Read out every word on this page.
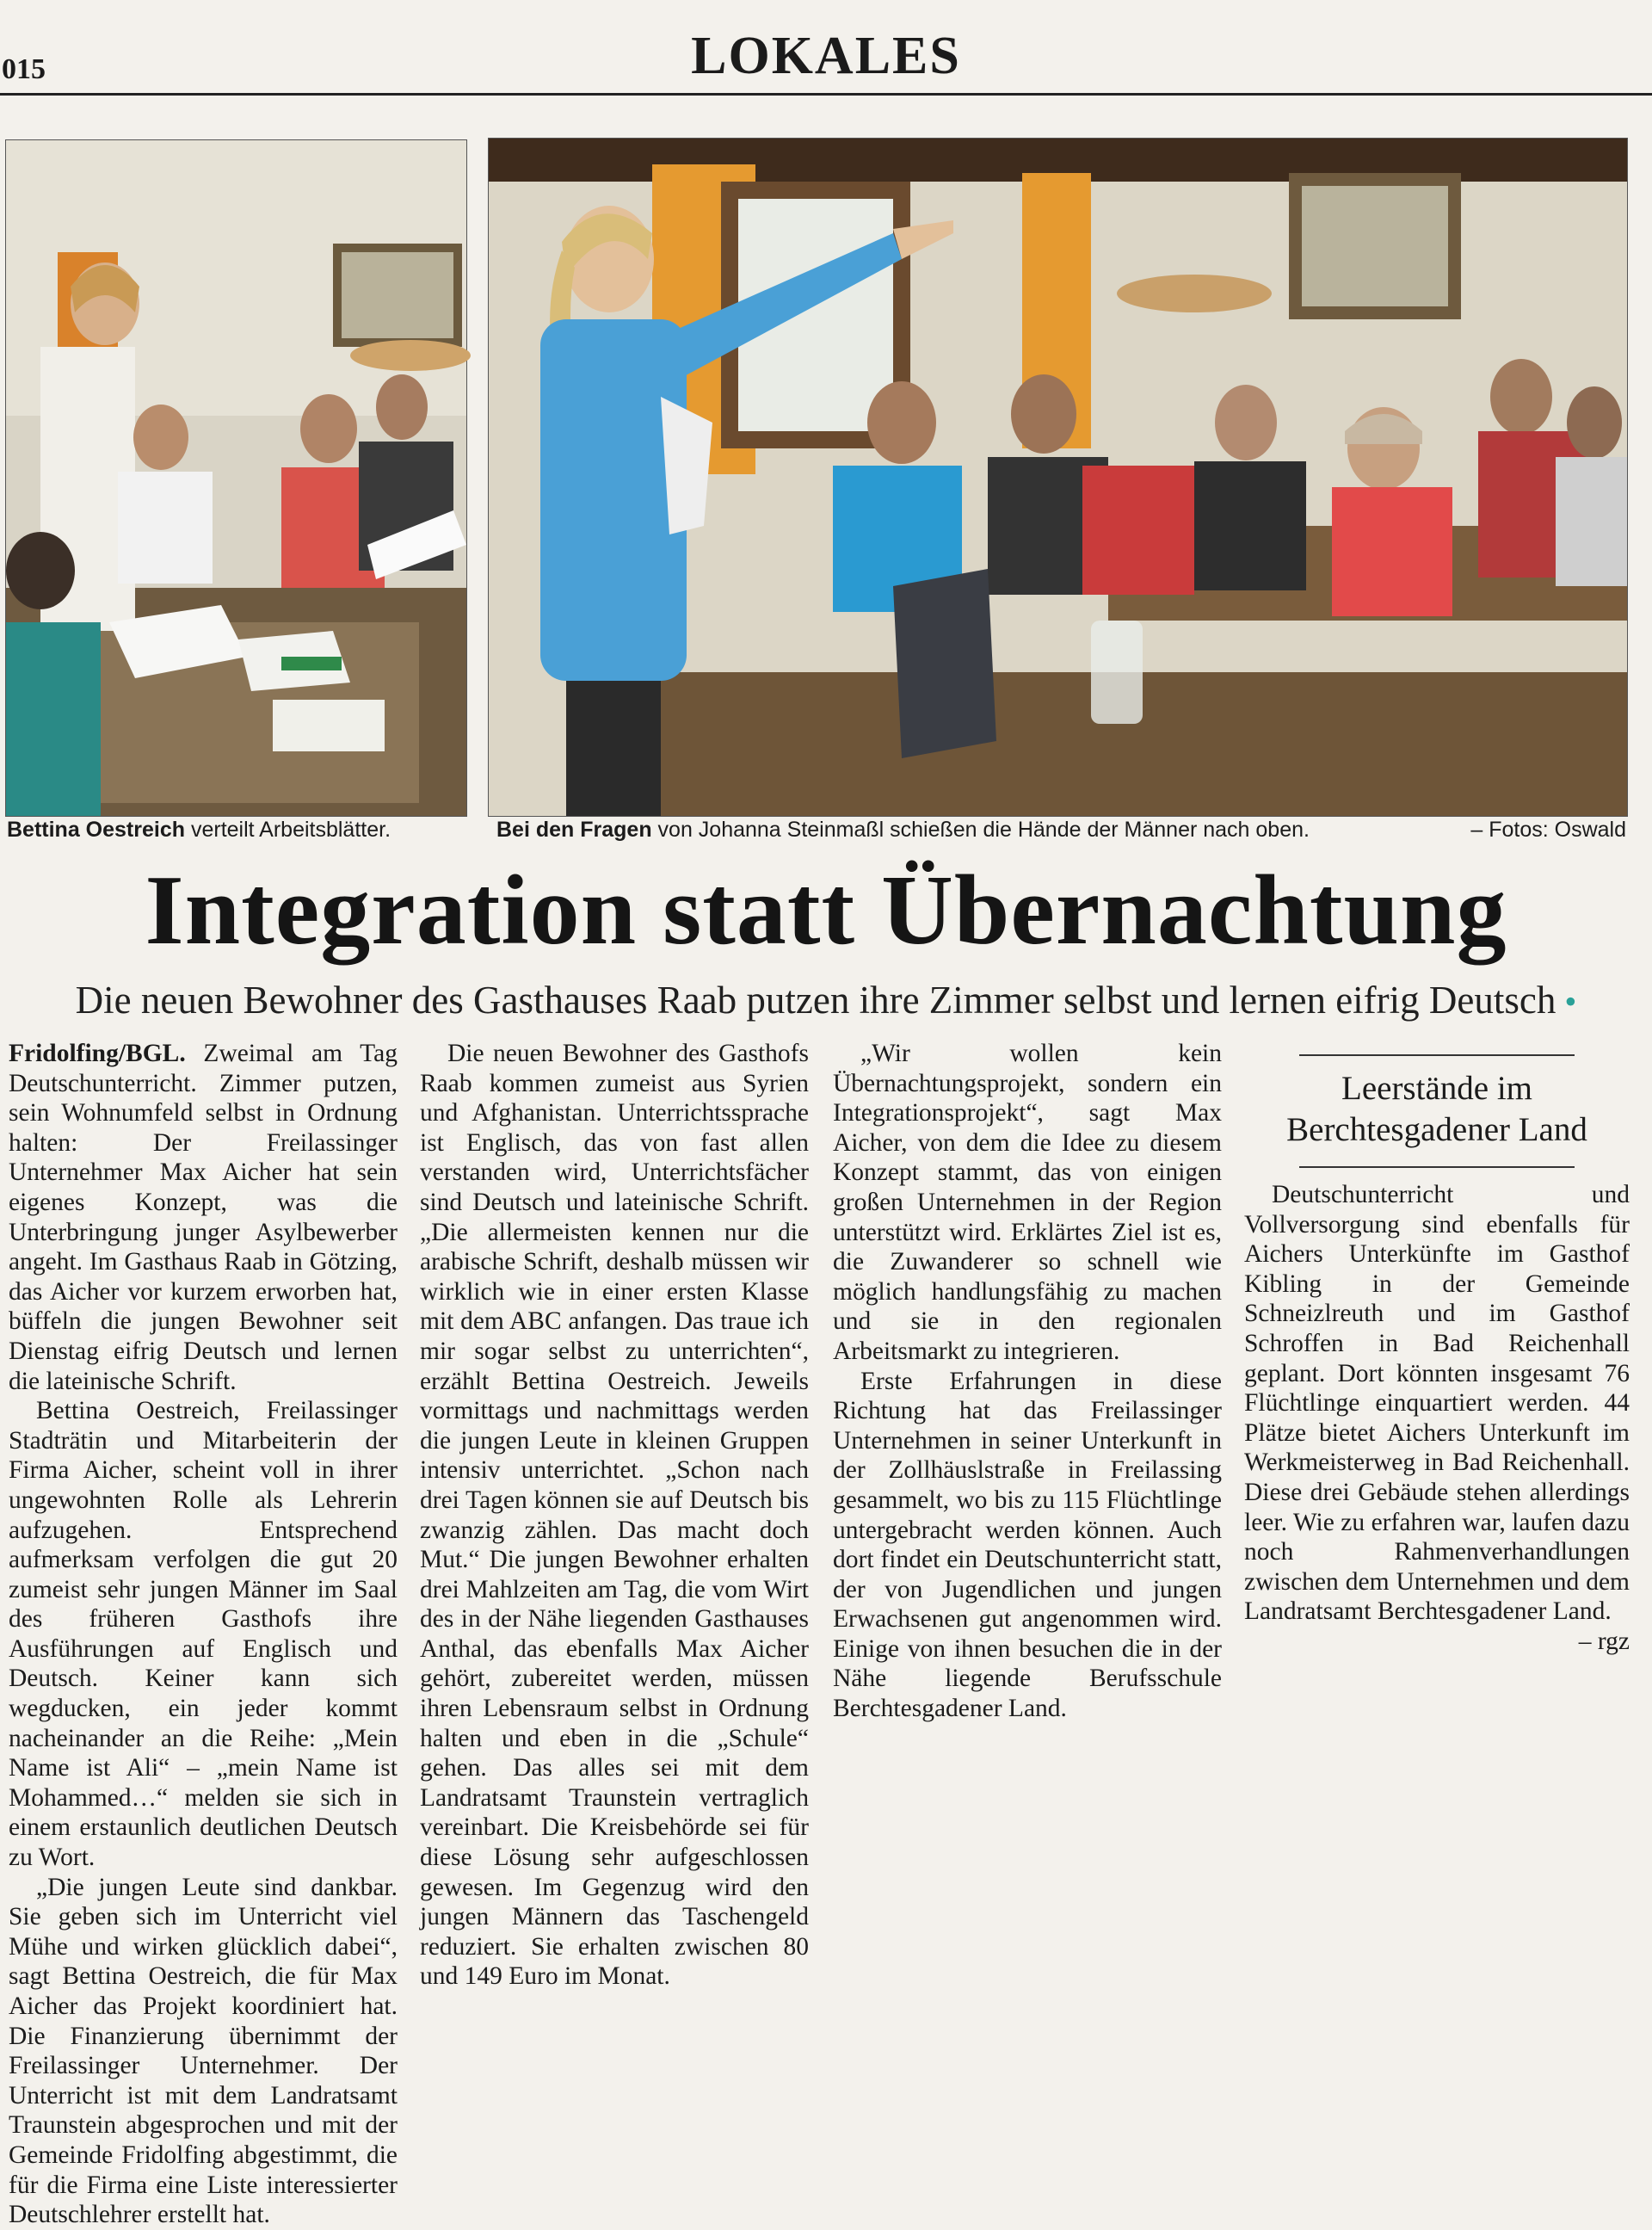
015	LOKALES
Bettina Oestreich verteilt Arbeitsblätter.	Bei den Fragen von Johanna Steinmaßl schießen die Hände der Männer nach oben.	– Fotos: Oswald
Integration statt Übernachtung
Die neuen Bewohner des Gasthauses Raab putzen ihre Zimmer selbst und lernen eifrig Deutsch •

Fridolfing/BGL. Zweimal am Tag Deutschunterricht. Zimmer putzen, sein Wohnumfeld selbst in Ordnung halten: Der Freilassinger Unternehmer Max Aicher hat sein eigenes Konzept, was die Unterbringung junger Asylbewerber angeht. Im Gasthaus Raab in Götzing, das Aicher vor kurzem erworben hat, büffeln die jungen Bewohner seit Dienstag eifrig Deutsch und lernen die lateinische Schrift.

Bettina Oestreich, Freilassinger Stadträtin und Mitarbeiterin der Firma Aicher, scheint voll in ihrer ungewohnten Rolle als Lehrerin aufzugehen. Entsprechend aufmerksam verfolgen die gut 20 zumeist sehr jungen Männer im Saal des früheren Gasthofs ihre Ausführungen auf Englisch und Deutsch. Keiner kann sich wegducken, ein jeder kommt nacheinander an die Reihe: „Mein Name ist Ali“ – „mein Name ist Mohammed…“ melden sie sich in einem erstaunlich deutlichen Deutsch zu Wort.

„Die jungen Leute sind dankbar. Sie geben sich im Unterricht viel Mühe und wirken glücklich dabei“, sagt Bettina Oestreich, die für Max Aicher das Projekt koordiniert hat. Die Finanzierung übernimmt der Freilassinger Unternehmer. Der Unterricht ist mit dem Landratsamt Traunstein abgesprochen und mit der Gemeinde Fridolfing abgestimmt, die für die Firma eine Liste interessierter Deutschlehrer erstellt hat.

Die neuen Bewohner des Gasthofs Raab kommen zumeist aus Syrien und Afghanistan. Unterrichtssprache ist Englisch, das von fast allen verstanden wird, Unterrichtsfächer sind Deutsch und lateinische Schrift. „Die allermeisten kennen nur die arabische Schrift, deshalb müssen wir wirklich wie in einer ersten Klasse mit dem ABC anfangen. Das traue ich mir sogar selbst zu unterrichten“, erzählt Bettina Oestreich. Jeweils vormittags und nachmittags werden die jungen Leute in kleinen Gruppen intensiv unterrichtet. „Schon nach drei Tagen können sie auf Deutsch bis zwanzig zählen. Das macht doch Mut.“ Die jungen Bewohner erhalten drei Mahlzeiten am Tag, die vom Wirt des in der Nähe liegenden Gasthauses Anthal, das ebenfalls Max Aicher gehört, zubereitet werden, müssen ihren Lebensraum selbst in Ordnung halten und eben in die „Schule“ gehen. Das alles sei mit dem Landratsamt Traunstein vertraglich vereinbart. Die Kreisbehörde sei für diese Lösung sehr aufgeschlossen gewesen. Im Gegenzug wird den jungen Männern das Taschengeld reduziert. Sie erhalten zwischen 80 und 149 Euro im Monat.

„Wir wollen kein Übernachtungsprojekt, sondern ein Integrationsprojekt“, sagt Max Aicher, von dem die Idee zu diesem Konzept stammt, das von einigen großen Unternehmen in der Region unterstützt wird. Erklärtes Ziel ist es, die Zuwanderer so schnell wie möglich handlungsfähig zu machen und sie in den regionalen Arbeitsmarkt zu integrieren.

Erste Erfahrungen in diese Richtung hat das Freilassinger Unternehmen in seiner Unterkunft in der Zollhäuslstraße in Freilassing gesammelt, wo bis zu 115 Flüchtlinge untergebracht werden können. Auch dort findet ein Deutschunterricht statt, der von Jugendlichen und jungen Erwachsenen gut angenommen wird. Einige von ihnen besuchen die in der Nähe liegende Berufsschule Berchtesgadener Land.

Leerstände im Berchtesgadener Land

Deutschunterricht und Vollversorgung sind ebenfalls für Aichers Unterkünfte im Gasthof Kibling in der Gemeinde Schneizlreuth und im Gasthof Schroffen in Bad Reichenhall geplant. Dort könnten insgesamt 76 Flüchtlinge einquartiert werden. 44 Plätze bietet Aichers Unterkunft im Werkmeisterweg in Bad Reichenhall. Diese drei Gebäude stehen allerdings leer. Wie zu erfahren war, laufen dazu noch Rahmenverhandlungen zwischen dem Unternehmen und dem Landratsamt Berchtesgadener Land.
– rgz
